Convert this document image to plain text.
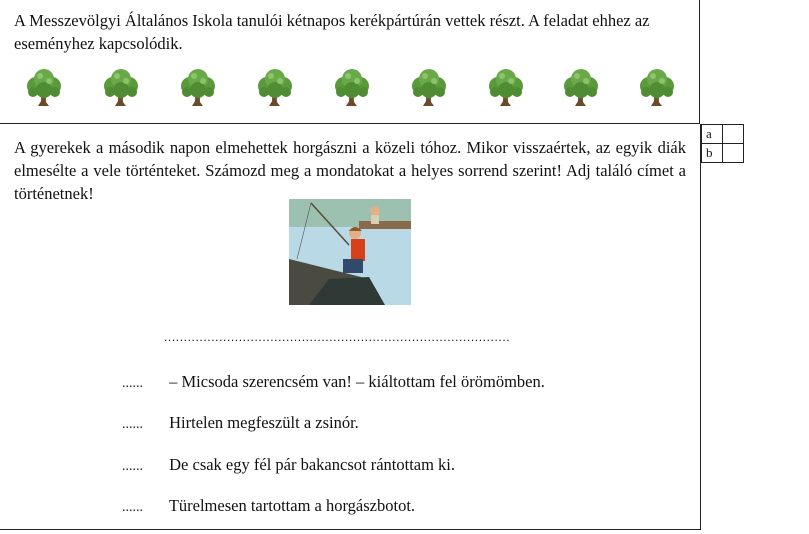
A Messzevölgyi Általános Iskola tanulói kétnapos kerékpártúrán vettek részt. A feladat ehhez az eseményhez kapcsolódik.

A gyerekek a második napon elmehettek horgászni a közeli tóhoz. Mikor visszaértek, az egyik diák elmeséltе a vele történteket. Számozd meg a mondatokat a helyes sorrend szerint! Adj találó címet a történetnek!

........................................................................................
...... – Micsoda szerencsém van! – kiáltottam fel örömömben.
...... Hirtelen megfeszült a zsinór.
...... De csak egy fél pár bakancsot rántottam ki.
...... Türelmesen tartottam a horgászbotot.
a	
b	
